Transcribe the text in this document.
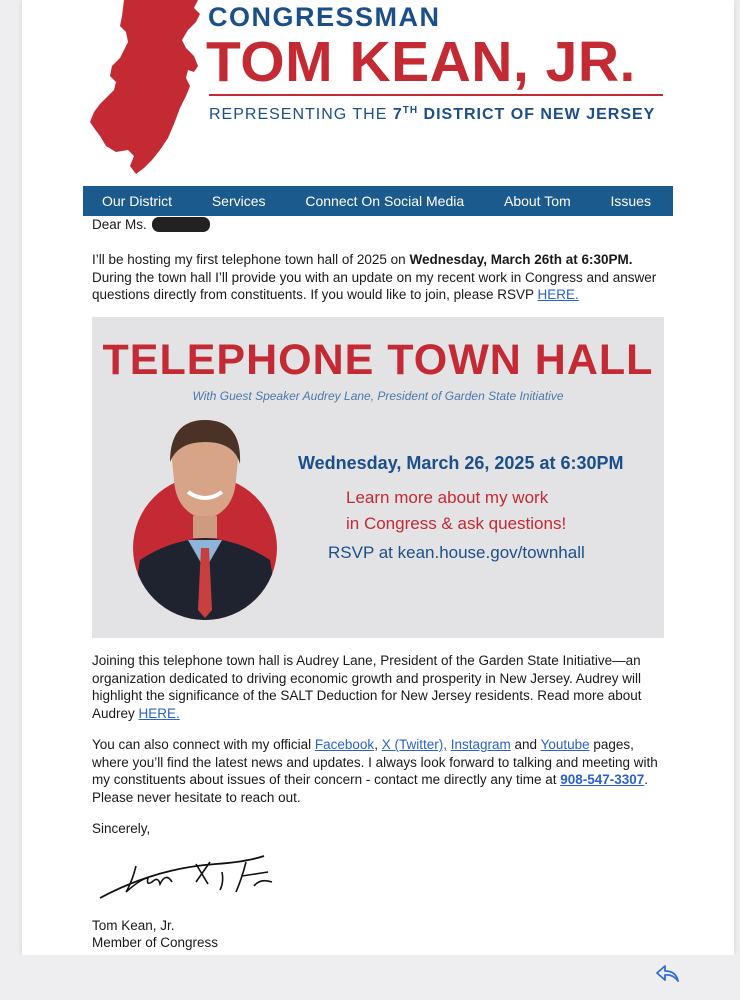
CONGRESSMAN
TOM KEAN, JR.
REPRESENTING THE 7TH DISTRICT OF NEW JERSEY
Our District	Services	Connect On Social Media	About Tom	Issues
Dear Ms.
I’ll be hosting my first telephone town hall of 2025 on Wednesday, March 26th at 6:30PM. During the town hall I’ll provide you with an update on my recent work in Congress and answer questions directly from constituents. If you would like to join, please RSVP HERE.
Joining this telephone town hall is Audrey Lane, President of the Garden State Initiative—an organization dedicated to driving economic growth and prosperity in New Jersey. Audrey will highlight the significance of the SALT Deduction for New Jersey residents. Read more about Audrey HERE.
You can also connect with my official Facebook, X (Twitter), Instagram and Youtube pages, where you’ll find the latest news and updates. I always look forward to talking and meeting with my constituents about issues of their concern - contact me directly any time at 908-547-3307. Please never hesitate to reach out.
Sincerely,
Tom Kean, Jr.
Member of Congress
TELEPHONE TOWN HALL
With Guest Speaker Audrey Lane, President of Garden State Initiative
Wednesday, March 26, 2025 at 6:30PM
Learn more about my work
in Congress & ask questions!
RSVP at kean.house.gov/townhall
